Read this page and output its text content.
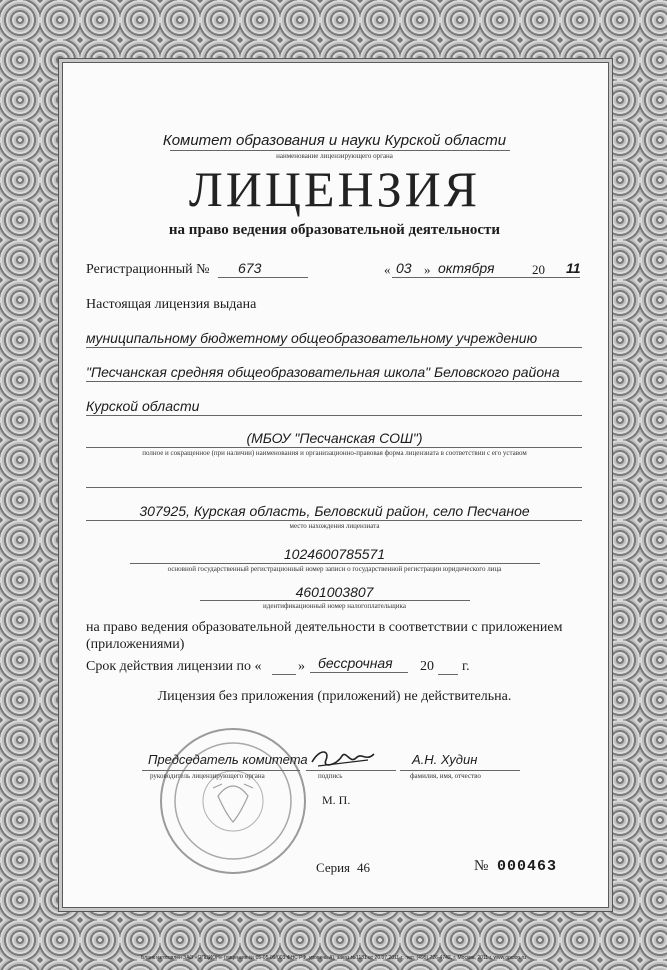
Комитет образования и науки Курской области
наименование лицензирующего органа
ЛИЦЕНЗИЯ
на право ведения образовательной деятельности
Регистрационный № 673	« 03 » октября	20 11
Настоящая лицензия выдана
муниципальному бюджетному общеобразовательному учреждению
"Песчанская средняя общеобразовательная школа" Беловского района
Курской области
(МБОУ "Песчанская СОШ")
полное и сокращенное (при наличии) наименования и организационно-правовая форма лицензиата в соответствии с его уставом
307925, Курская область, Беловский район, село Песчаное
место нахождения лицензиата
1024600785571
основной государственный регистрационный номер записи о государственной регистрации юридического лица
4601003807
идентификационный номер налогоплательщика
на право ведения образовательной деятельности в соответствии с приложением
(приложениями)
Срок действия лицензии по «	» бессрочная 20 г.
Лицензия без приложения (приложений) не действительна.
Председатель комитета
руководитель лицензирующего органа	подпись
А.Н. Худин
фамилия, имя, отчество
М. П.
Серия 46	№ 000463
Бланк изготовлен ЗАО «ОПЦИОН» (лицензия № 05-05-09/003 ФНС РФ, уровень А), заказ №1181 от 20.07.2011 г., тел. (495) 726-4742, г. Москва, 2011 г. www.opcion.ru
